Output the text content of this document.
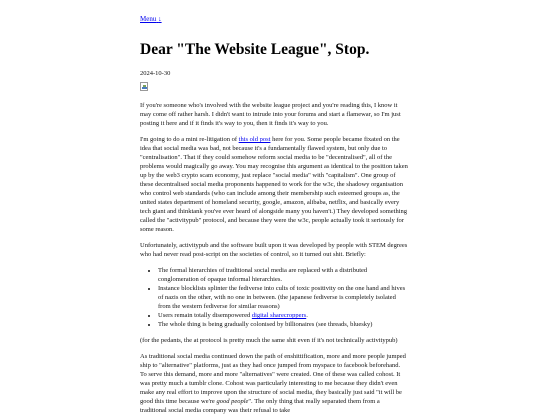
Menu ↓
Dear "The Website League", Stop.
2024-10-30

If you're someone who's involved with the website league project and you're reading this, I know it may come off rather harsh. I didn't want to intrude into your forums and start a flamewar, so I'm just posting it here and if it finds it's way to you, then it finds it's way to you.

I'm going to do a mini re-litigation of this old post here for you. Some people became fixated on the idea that social media was bad, not because it's a fundamentally flawed system, but only due to "centralisation". That if they could somehow reform social media to be "decentralised", all of the problems would magically go away. You may recognise this argument as identical to the position taken up by the web3 crypto scam economy, just replace "social media" with "capitalism". One group of these decentralised social media proponents happened to work for the w3c, the shadowy organisation who control web standards (who can include among their membership such esteemed groups as, the united states department of homeland security, google, amazon, alibaba, netflix, and basically every tech giant and thinktank you've ever heard of alongside many you haven't.) They developed something called the "activitypub" protocol, and because they were the w3c, people actually took it seriously for some reason.

Unfortunately, activitypub and the software built upon it was developed by people with STEM degrees who had never read post-script on the societies of control, so it turned out shit. Briefly:

• The formal hierarchies of traditional social media are replaced with a distributed conglomeration of opaque informal hierarchies.
• Instance blocklists splinter the fediverse into cults of toxic positivity on the one hand and hives of nazis on the other, with no one in between. (the japanese fediverse is completely isolated from the western fediverse for similar reasons)
• Users remain totally disempowered digital sharecroppers.
• The whole thing is being gradually colonised by billionaires (see threads, bluesky)

(for the pedants, the at protocol is pretty much the same shit even if it's not technically activitypub)

As traditional social media continued down the path of enshittification, more and more people jumped ship to "alternative" platforms, just as they had once jumped from myspace to facebook beforehand. To serve this demand, more and more "alternatives" were created. One of these was called cohost. It was pretty much a tumblr clone. Cohost was particularly interesting to me because they didn't even make any real effort to improve upon the structure of social media, they basically just said "it will be good this time because we're good people". The only thing that really separated them from a traditional social media company was their refusal to take
